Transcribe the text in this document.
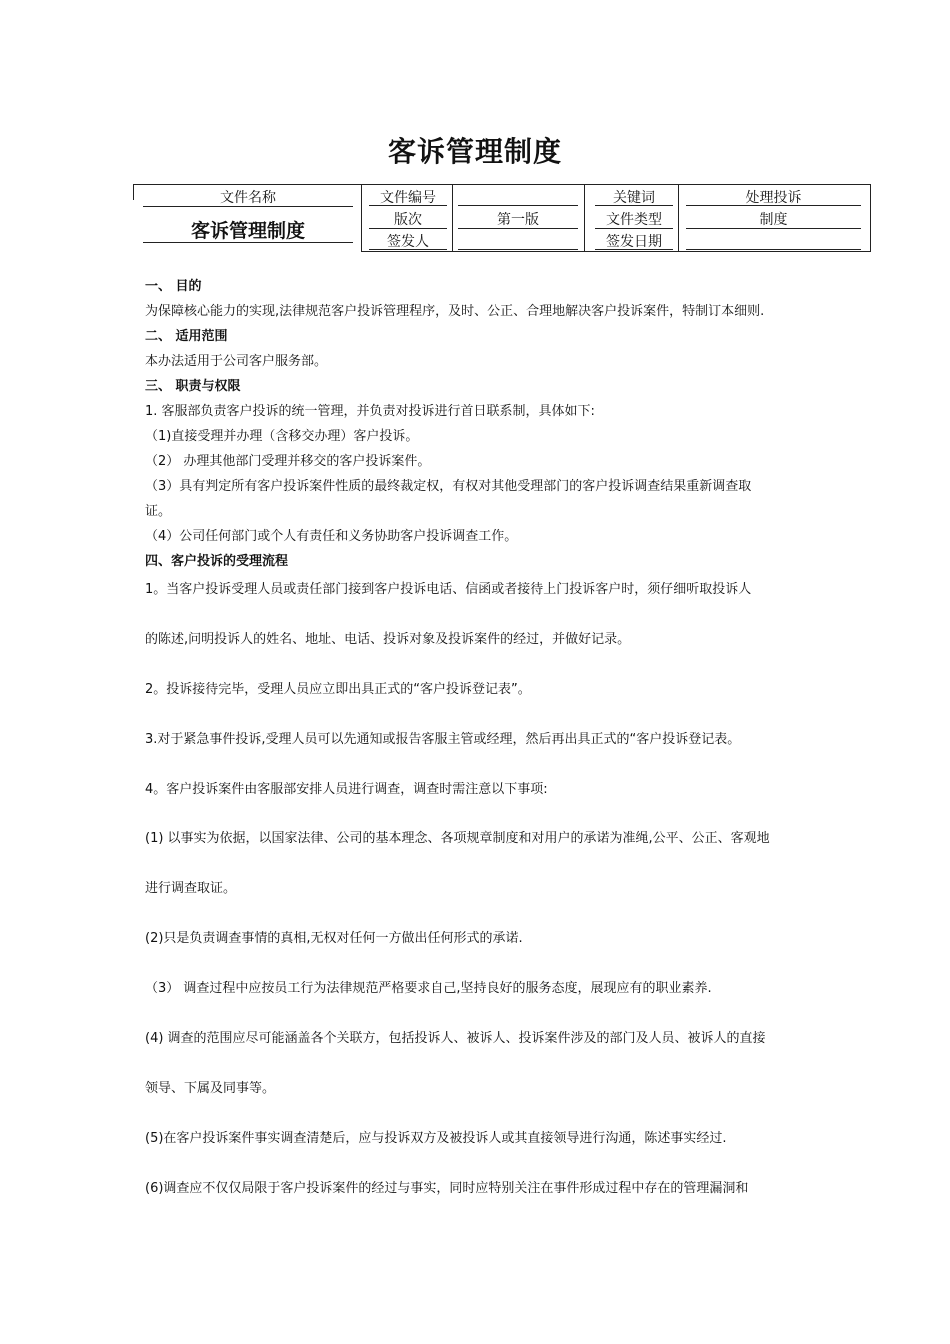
客诉管理制度
文件名称
客诉管理制度
文件编号
版次
签发人
第一版
关键词
文件类型
签发日期
处理投诉
制度
一、 目的
为保障核心能力的实现,法律规范客户投诉管理程序，及时、公正、合理地解决客户投诉案件，特制订本细则.
二、 适用范围
本办法适用于公司客户服务部。
三、 职责与权限
1. 客服部负责客户投诉的统一管理，并负责对投诉进行首日联系制，具体如下:
（1)直接受理并办理（含移交办理）客户投诉。
（2） 办理其他部门受理并移交的客户投诉案件。
（3）具有判定所有客户投诉案件性质的最终裁定权，有权对其他受理部门的客户投诉调查结果重新调查取
证。
（4）公司任何部门或个人有责任和义务协助客户投诉调查工作。
四、客户投诉的受理流程
1。当客户投诉受理人员或责任部门接到客户投诉电话、信函或者接待上门投诉客户时，须仔细听取投诉人
的陈述,问明投诉人的姓名、地址、电话、投诉对象及投诉案件的经过，并做好记录。
2。投诉接待完毕，受理人员应立即出具正式的“客户投诉登记表”。
3.对于紧急事件投诉,受理人员可以先通知或报告客服主管或经理，然后再出具正式的“客户投诉登记表。
4。客户投诉案件由客服部安排人员进行调查，调查时需注意以下事项:
(1) 以事实为依据，以国家法律、公司的基本理念、各项规章制度和对用户的承诺为准绳,公平、公正、客观地
进行调查取证。
(2)只是负责调查事情的真相,无权对任何一方做出任何形式的承诺.
（3） 调查过程中应按员工行为法律规范严格要求自己,坚持良好的服务态度，展现应有的职业素养.
(4) 调查的范围应尽可能涵盖各个关联方，包括投诉人、被诉人、投诉案件涉及的部门及人员、被诉人的直接
领导、下属及同事等。
(5)在客户投诉案件事实调查清楚后，应与投诉双方及被投诉人或其直接领导进行沟通，陈述事实经过.
(6)调查应不仅仅局限于客户投诉案件的经过与事实，同时应特别关注在事件形成过程中存在的管理漏洞和
